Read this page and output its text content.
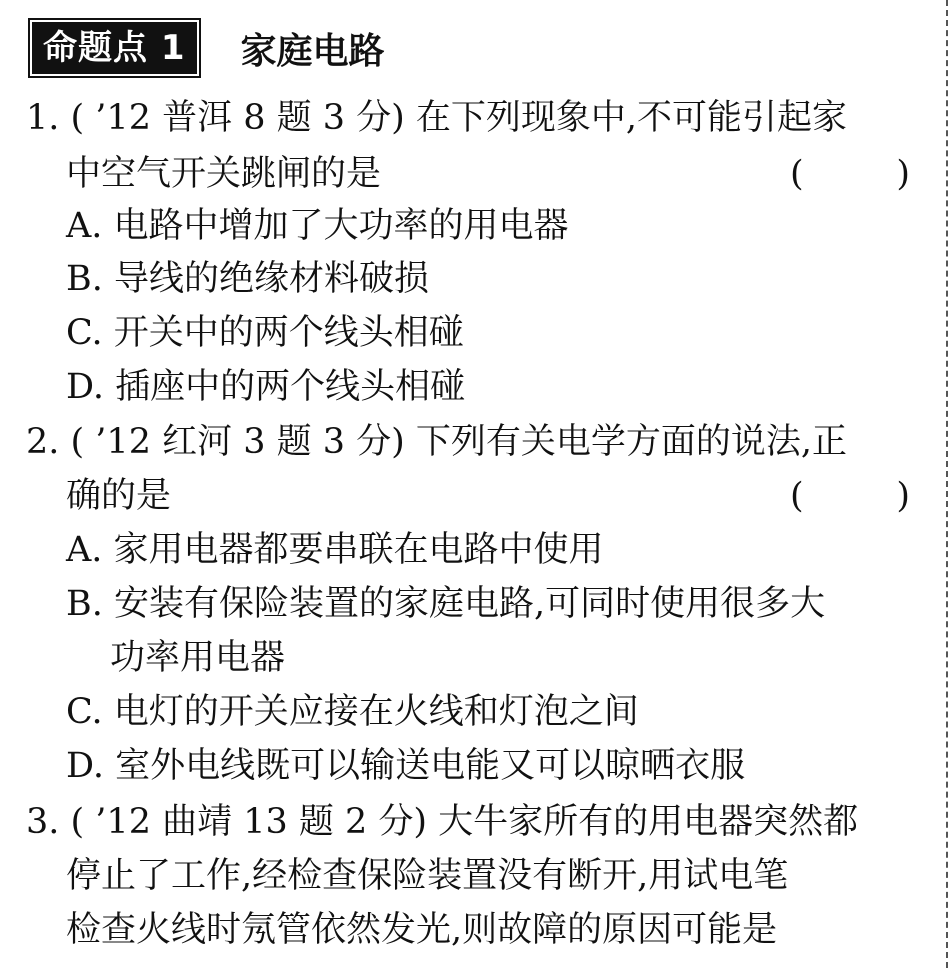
命题点 1	家庭电路
1. ( ’12 普洱 8 题 3 分) 在下列现象中,不可能引起家
中空气开关跳闸的是	(	)
A. 电路中增加了大功率的用电器
B. 导线的绝缘材料破损
C. 开关中的两个线头相碰
D. 插座中的两个线头相碰
2. ( ’12 红河 3 题 3 分) 下列有关电学方面的说法,正
确的是	(	)
A. 家用电器都要串联在电路中使用
B. 安装有保险装置的家庭电路,可同时使用很多大
功率用电器
C. 电灯的开关应接在火线和灯泡之间
D. 室外电线既可以输送电能又可以晾晒衣服
3. ( ’12 曲靖 13 题 2 分) 大牛家所有的用电器突然都
停止了工作,经检查保险装置没有断开,用试电笔
检查火线时氖管依然发光,则故障的原因可能是
